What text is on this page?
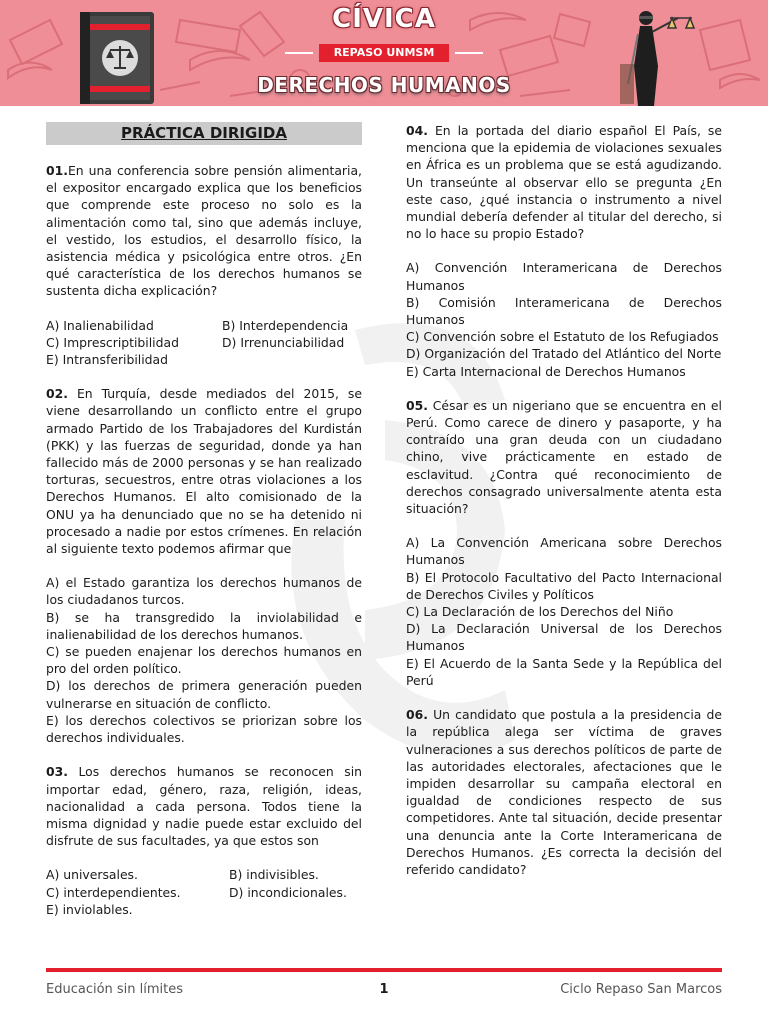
CÍVICA
REPASO UNMSM
DERECHOS HUMANOS
PRÁCTICA DIRIGIDA
01.En una conferencia sobre pensión alimentaria, el expositor encargado explica que los beneficios que comprende este proceso no solo es la alimentación como tal, sino que además incluye, el vestido, los estudios, el desarrollo físico, la asistencia médica y psicológica entre otros. ¿En qué característica de los derechos humanos se sustenta dicha explicación?
A) Inalienabilidad	B) Interdependencia
C) Imprescriptibilidad	D) Irrenunciabilidad
E) Intransferibilidad
02. En Turquía, desde mediados del 2015, se viene desarrollando un conflicto entre el grupo armado Partido de los Trabajadores del Kurdistán (PKK) y las fuerzas de seguridad, donde ya han fallecido más de 2000 personas y se han realizado torturas, secuestros, entre otras violaciones a los Derechos Humanos. El alto comisionado de la ONU ya ha denunciado que no se ha detenido ni procesado a nadie por estos crímenes. En relación al siguiente texto podemos afirmar que
A) el Estado garantiza los derechos humanos de los ciudadanos turcos.
B) se ha transgredido la inviolabilidad e inalienabilidad de los derechos humanos.
C) se pueden enajenar los derechos humanos en pro del orden político.
D) los derechos de primera generación pueden vulnerarse en situación de conflicto.
E) los derechos colectivos se priorizan sobre los derechos individuales.
03. Los derechos humanos se reconocen sin importar edad, género, raza, religión, ideas, nacionalidad a cada persona. Todos tiene la misma dignidad y nadie puede estar excluido del disfrute de sus facultades, ya que estos son
A) universales.	B) indivisibles.
C) interdependientes.	D) incondicionales.
E) inviolables.
04. En la portada del diario español El País, se menciona que la epidemia de violaciones sexuales en África es un problema que se está agudizando. Un transeúnte al observar ello se pregunta ¿En este caso, ¿qué instancia o instrumento a nivel mundial debería defender al titular del derecho, si no lo hace su propio Estado?
A) Convención Interamericana de Derechos Humanos
B) Comisión Interamericana de Derechos Humanos
C) Convención sobre el Estatuto de los Refugiados
D) Organización del Tratado del Atlántico del Norte
E) Carta Internacional de Derechos Humanos
05. César es un nigeriano que se encuentra en el Perú. Como carece de dinero y pasaporte, y ha contraído una gran deuda con un ciudadano chino, vive prácticamente en estado de esclavitud. ¿Contra qué reconocimiento de derechos consagrado universalmente atenta esta situación?
A) La Convención Americana sobre Derechos Humanos
B) El Protocolo Facultativo del Pacto Internacional de Derechos Civiles y Políticos
C) La Declaración de los Derechos del Niño
D) La Declaración Universal de los Derechos Humanos
E) El Acuerdo de la Santa Sede y la República del Perú
06. Un candidato que postula a la presidencia de la república alega ser víctima de graves vulneraciones a sus derechos políticos de parte de las autoridades electorales, afectaciones que le impiden desarrollar su campaña electoral en igualdad de condiciones respecto de sus competidores. Ante tal situación, decide presentar una denuncia ante la Corte Interamericana de Derechos Humanos. ¿Es correcta la decisión del referido candidato?
Educación sin límites	1	Ciclo Repaso San Marcos
